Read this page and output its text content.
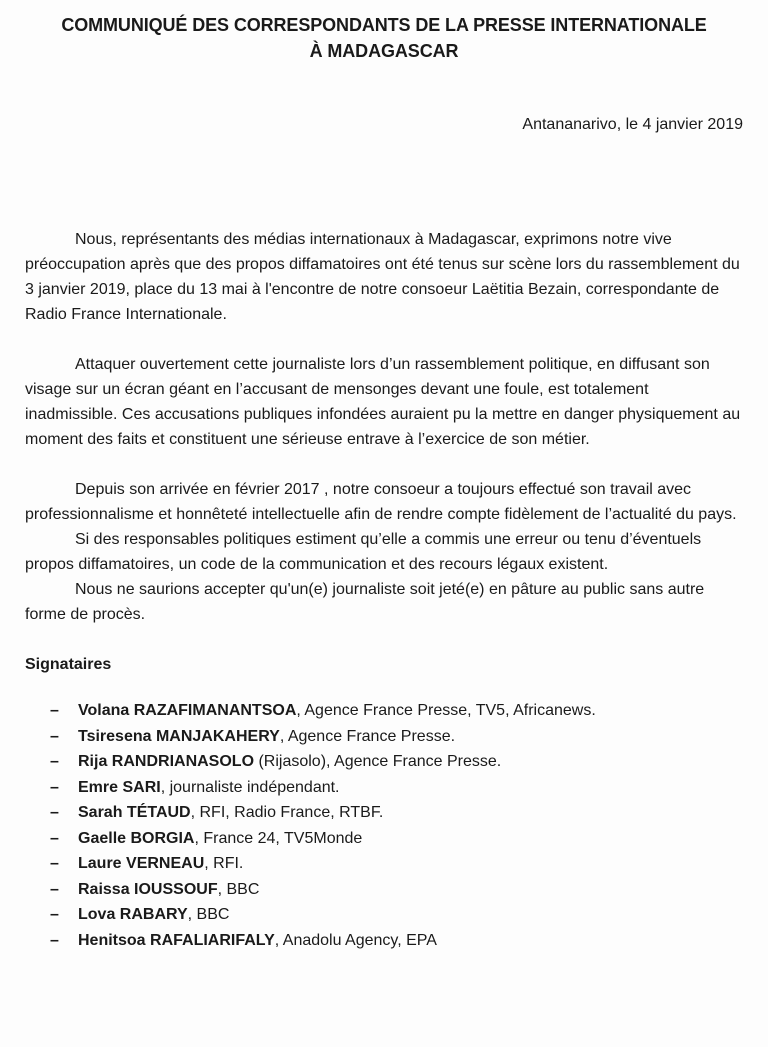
COMMUNIQUÉ DES CORRESPONDANTS DE LA PRESSE INTERNATIONALE
À MADAGASCAR
Antananarivo, le 4 janvier 2019

Nous, représentants des médias internationaux à Madagascar, exprimons notre vive préoccupation après que des propos diffamatoires ont été tenus sur scène lors du rassemblement du 3 janvier 2019, place du 13 mai à l'encontre de notre consoeur Laëtitia Bezain, correspondante de Radio France Internationale.

Attaquer ouvertement cette journaliste lors d’un rassemblement politique, en diffusant son visage sur un écran géant en l’accusant de mensonges devant une foule, est totalement inadmissible. Ces accusations publiques infondées auraient pu la mettre en danger physiquement au moment des faits et constituent une sérieuse entrave à l’exercice de son métier.

Depuis son arrivée en février 2017 , notre consoeur a toujours effectué son travail avec professionnalisme et honnêteté intellectuelle afin de rendre compte fidèlement de l’actualité du pays.

Si des responsables politiques estiment qu’elle a commis une erreur ou tenu d’éventuels propos diffamatoires, un code de la communication et des recours légaux existent.

Nous ne saurions accepter qu'un(e) journaliste soit jeté(e) en pâture au public sans autre forme de procès.

Signataires
–	Volana RAZAFIMANANTSOA, Agence France Presse, TV5, Africanews.
–	Tsiresena MANJAKAHERY, Agence France Presse.
–	Rija RANDRIANASOLO (Rijasolo), Agence France Presse.
–	Emre SARI, journaliste indépendant.
–	Sarah TÉTAUD, RFI, Radio France, RTBF.
–	Gaelle BORGIA, France 24, TV5Monde
–	Laure VERNEAU, RFI.
–	Raissa IOUSSOUF, BBC
–	Lova RABARY, BBC
–	Henitsoa RAFALIARIFALY, Anadolu Agency, EPA
